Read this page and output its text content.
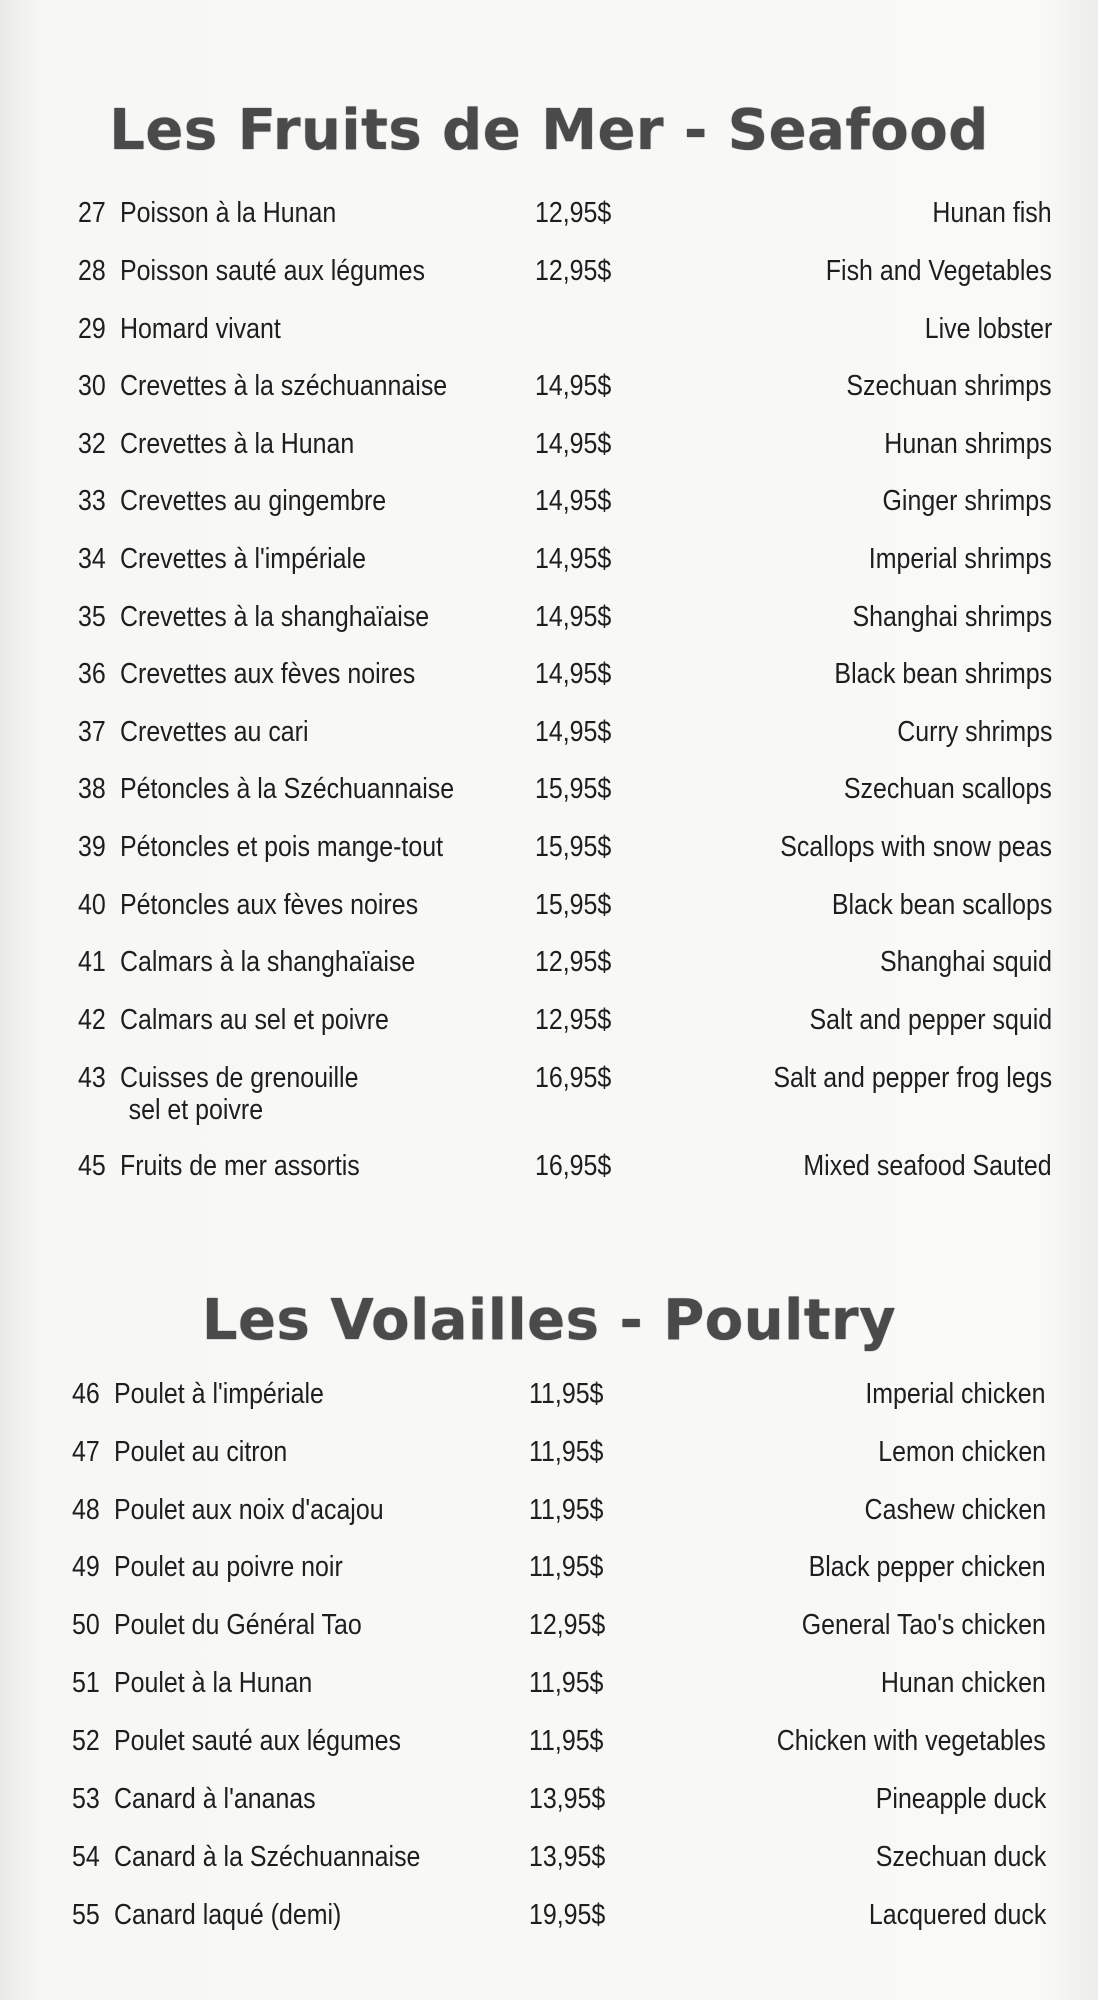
Les Fruits de Mer - Seafood
27 Poisson à la Hunan	12,95$	Hunan fish
28 Poisson sauté aux légumes	12,95$	Fish and Vegetables
29 Homard vivant	Live lobster
30 Crevettes à la széchuannaise	14,95$	Szechuan shrimps
32 Crevettes à la Hunan	14,95$	Hunan shrimps
33 Crevettes au gingembre	14,95$	Ginger shrimps
34 Crevettes à l'impériale	14,95$	Imperial shrimps
35 Crevettes à la shanghaïaise	14,95$	Shanghai shrimps
36 Crevettes aux fèves noires	14,95$	Black bean shrimps
37 Crevettes au cari	14,95$	Curry shrimps
38 Pétoncles à la Széchuannaise	15,95$	Szechuan scallops
39 Pétoncles et pois mange-tout	15,95$	Scallops with snow peas
40 Pétoncles aux fèves noires	15,95$	Black bean scallops
41 Calmars à la shanghaïaise	12,95$	Shanghai squid
42 Calmars au sel et poivre	12,95$	Salt and pepper squid
43 Cuisses de grenouille
sel et poivre
16,95$	Salt and pepper frog legs
45 Fruits de mer assortis	16,95$	Mixed seafood Sauted
Les Volailles - Poultry
46 Poulet à l'impériale	11,95$	Imperial chicken
47 Poulet au citron	11,95$	Lemon chicken
48 Poulet aux noix d'acajou	11,95$	Cashew chicken
49 Poulet au poivre noir	11,95$	Black pepper chicken
50 Poulet du Général Tao	12,95$	General Tao's chicken
51 Poulet à la Hunan	11,95$	Hunan chicken
52 Poulet sauté aux légumes	11,95$	Chicken with vegetables
53 Canard à l'ananas	13,95$	Pineapple duck
54 Canard à la Széchuannaise	13,95$	Szechuan duck
55 Canard laqué (demi)	19,95$	Lacquered duck
